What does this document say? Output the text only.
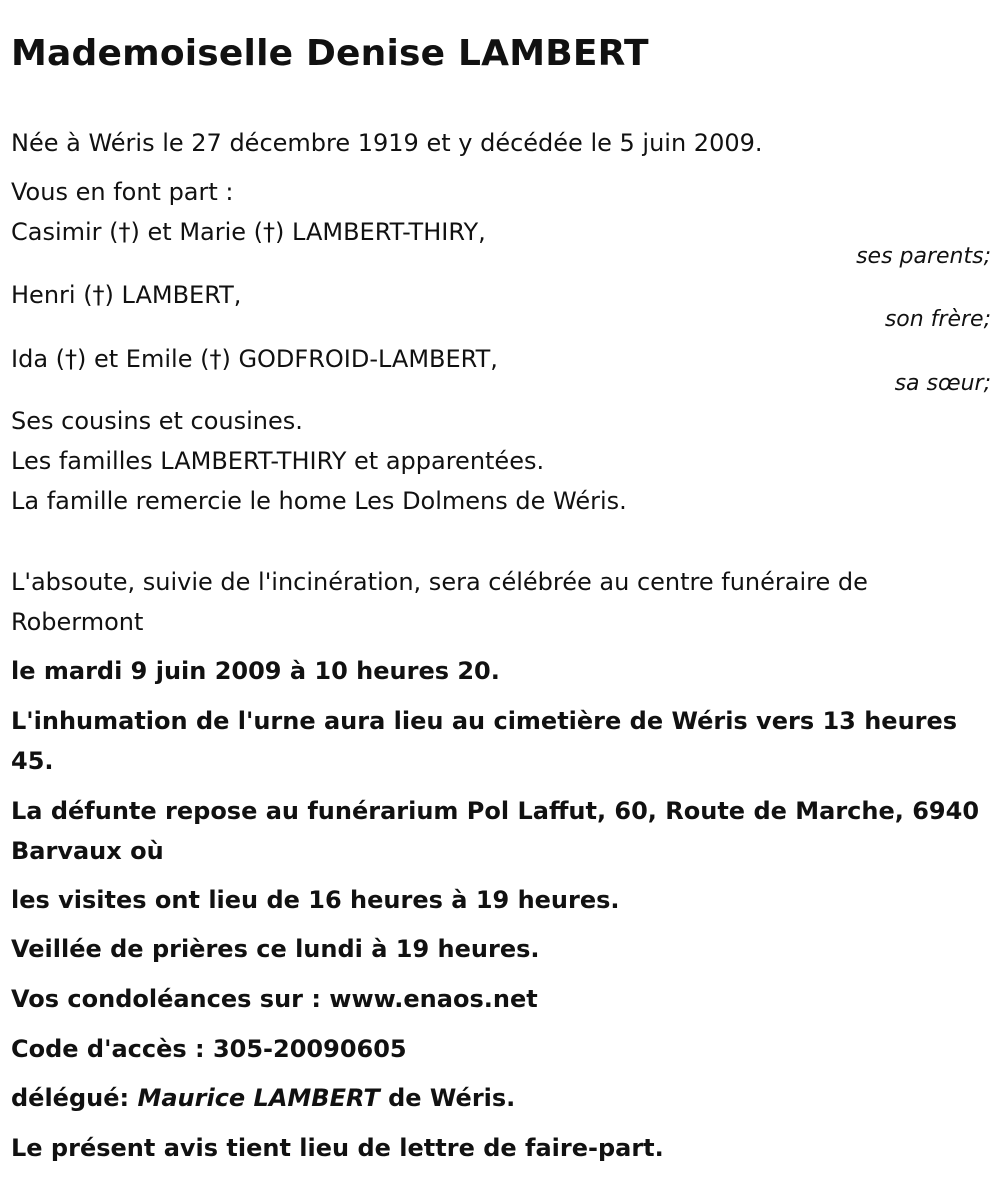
Mademoiselle Denise LAMBERT
Née à Wéris le 27 décembre 1919 et y décédée le 5 juin 2009.
Vous en font part :
Casimir (†) et Marie (†) LAMBERT-THIRY,
ses parents;
Henri (†) LAMBERT,
son frère;
Ida (†) et Emile (†) GODFROID-LAMBERT,
sa sœur;
Ses cousins et cousines.
Les familles LAMBERT-THIRY et apparentées.
La famille remercie le home Les Dolmens de Wéris.
L'absoute, suivie de l'incinération, sera célébrée au centre funéraire de Robermont
le mardi 9 juin 2009 à 10 heures 20.
L'inhumation de l'urne aura lieu au cimetière de Wéris vers 13 heures 45.
La défunte repose au funérarium Pol Laffut, 60, Route de Marche, 6940 Barvaux où
les visites ont lieu de 16 heures à 19 heures.
Veillée de prières ce lundi à 19 heures.
Vos condoléances sur : www.enaos.net
Code d'accès : 305-20090605
délégué: Maurice LAMBERT de Wéris.
Le présent avis tient lieu de lettre de faire-part.
